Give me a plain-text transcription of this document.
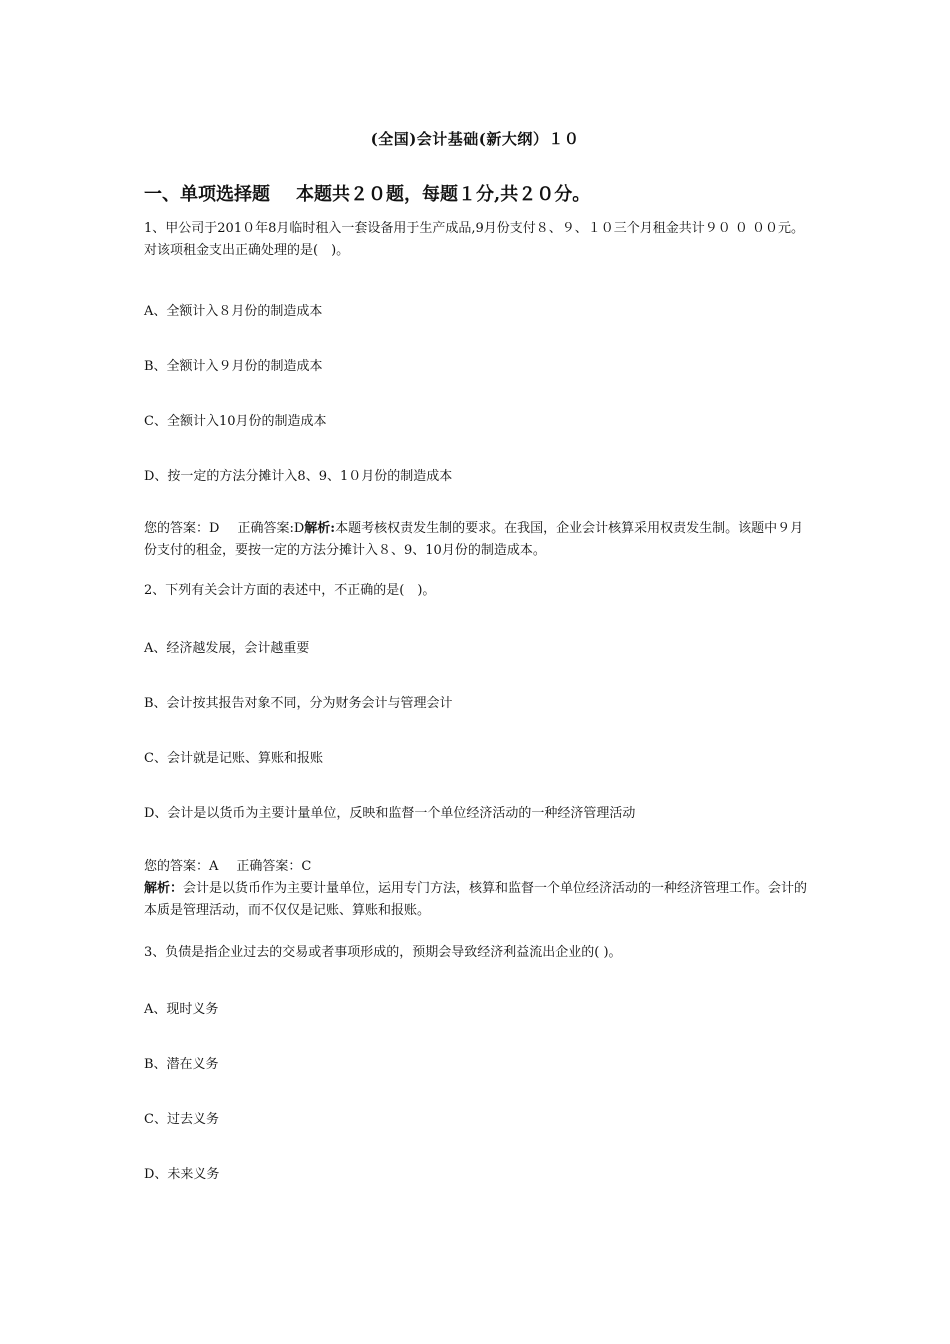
(全国)会计基础(新大纲）１０
一、单项选择题 本题共２０题，每题１分,共２０分。
1、甲公司于201０年8月临时租入一套设备用于生产成品,9月份支付８、９、１０三个月租金共计９０ ０ ００元。对该项租金支出正确处理的是(　)。
A、全额计入８月份的制造成本
B、全额计入９月份的制造成本
C、全额计入10月份的制造成本
D、按一定的方法分摊计入8、9、1０月份的制造成本
您的答案：D 正确答案:D解析:本题考核权责发生制的要求。在我国，企业会计核算采用权责发生制。该题中９月份支付的租金，要按一定的方法分摊计入８、9、10月份的制造成本。
2、下列有关会计方面的表述中，不正确的是(　)。
A、经济越发展，会计越重要
B、会计按其报告对象不同，分为财务会计与管理会计
C、会计就是记账、算账和报账
D、会计是以货币为主要计量单位，反映和监督一个单位经济活动的一种经济管理活动
您的答案：A 正确答案：C
解析：会计是以货币作为主要计量单位，运用专门方法，核算和监督一个单位经济活动的一种经济管理工作。会计的本质是管理活动，而不仅仅是记账、算账和报账。
3、负债是指企业过去的交易或者事项形成的，预期会导致经济利益流出企业的( )。
A、现时义务
B、潜在义务
C、过去义务
D、未来义务
